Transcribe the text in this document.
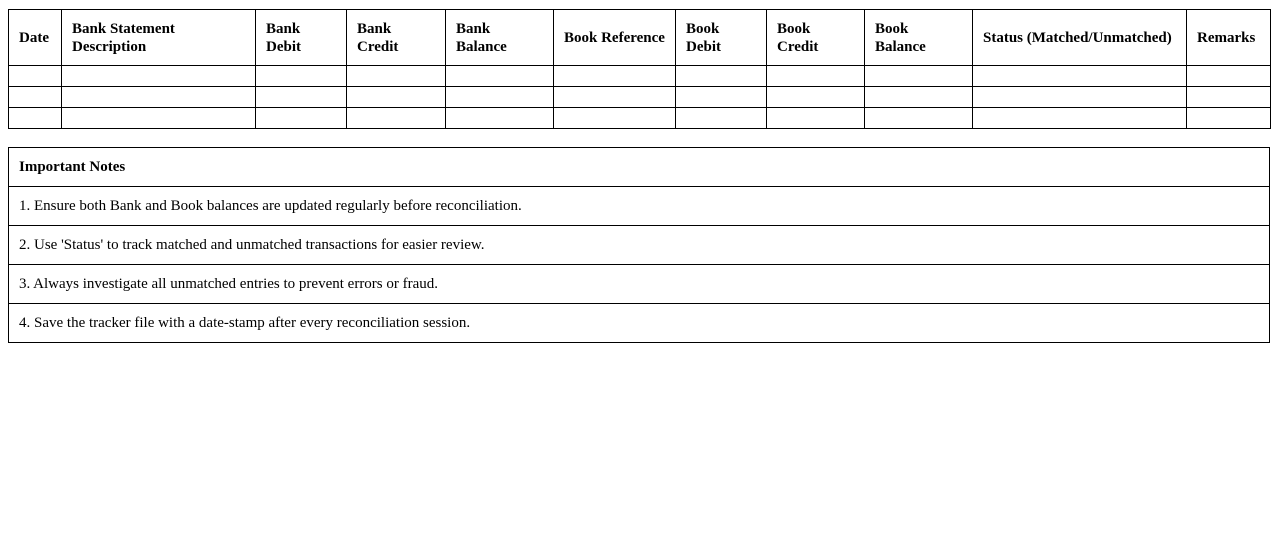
Date	Bank Statement Description	Bank Debit	Bank Credit	Bank Balance	Book Reference	Book Debit	Book Credit	Book Balance	Status (Matched/Unmatched)	Remarks

Important Notes
1. Ensure both Bank and Book balances are updated regularly before reconciliation.
2. Use 'Status' to track matched and unmatched transactions for easier review.
3. Always investigate all unmatched entries to prevent errors or fraud.
4. Save the tracker file with a date-stamp after every reconciliation session.
